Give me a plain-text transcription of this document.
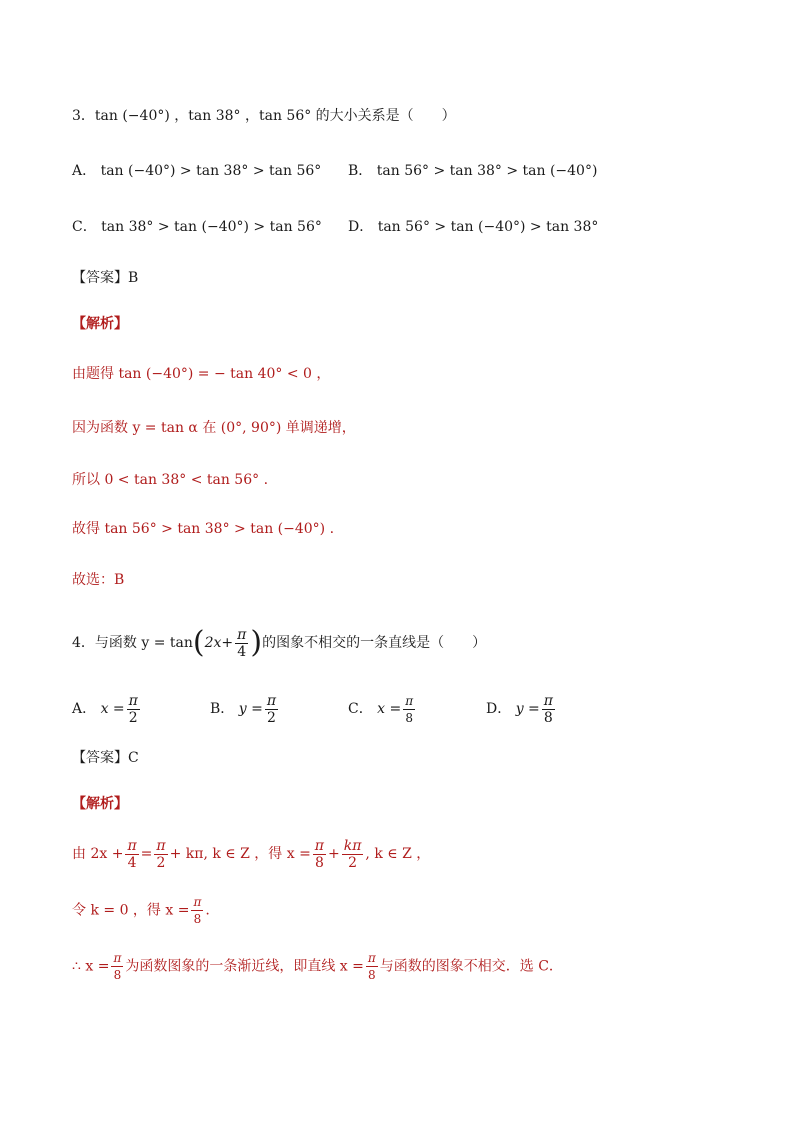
3．tan (−40°) ，tan 38° ，tan 56° 的大小关系是（　　）
A． tan (−40°) > tan 38° > tan 56° B． tan 56° > tan 38° > tan (−40°)
C． tan 38° > tan (−40°) > tan 56° D． tan 56° > tan (−40°) > tan 38°
【答案】B
【解析】
由题得 tan (−40°) = − tan 40° < 0 ，
因为函数 y = tan α 在 (0°, 90°) 单调递增，
所以 0 < tan 38° < tan 56° .
故得 tan 56° > tan 38° > tan (−40°) .
故选：B
4．与函数 $y = \tan(2x+ \frac{\pi}{4}$ )的图象不相交的一条直线是（　　）
A． $x = \frac{\pi}{2}$	B． $y = \frac{\pi}{2}$	C． $x = \frac{\pi}{8}$	D． $y = \frac{\pi}{8}$
【答案】C
【解析】
由 $2x + \frac{\pi}{4} = \frac{\pi}{2} + k\pi$, k ∈ Z ，得 $x = \frac{\pi}{8} + \frac{k\pi}{2}$ , k ∈ Z ，
令 k = 0 ，得 $x = \frac{\pi}{8}$ .
∴ $x = \frac{\pi}{8}$ 为函数图象的一条渐近线，即直线 $x = \frac{\pi}{8}$ 与函数的图象不相交．选 C．
